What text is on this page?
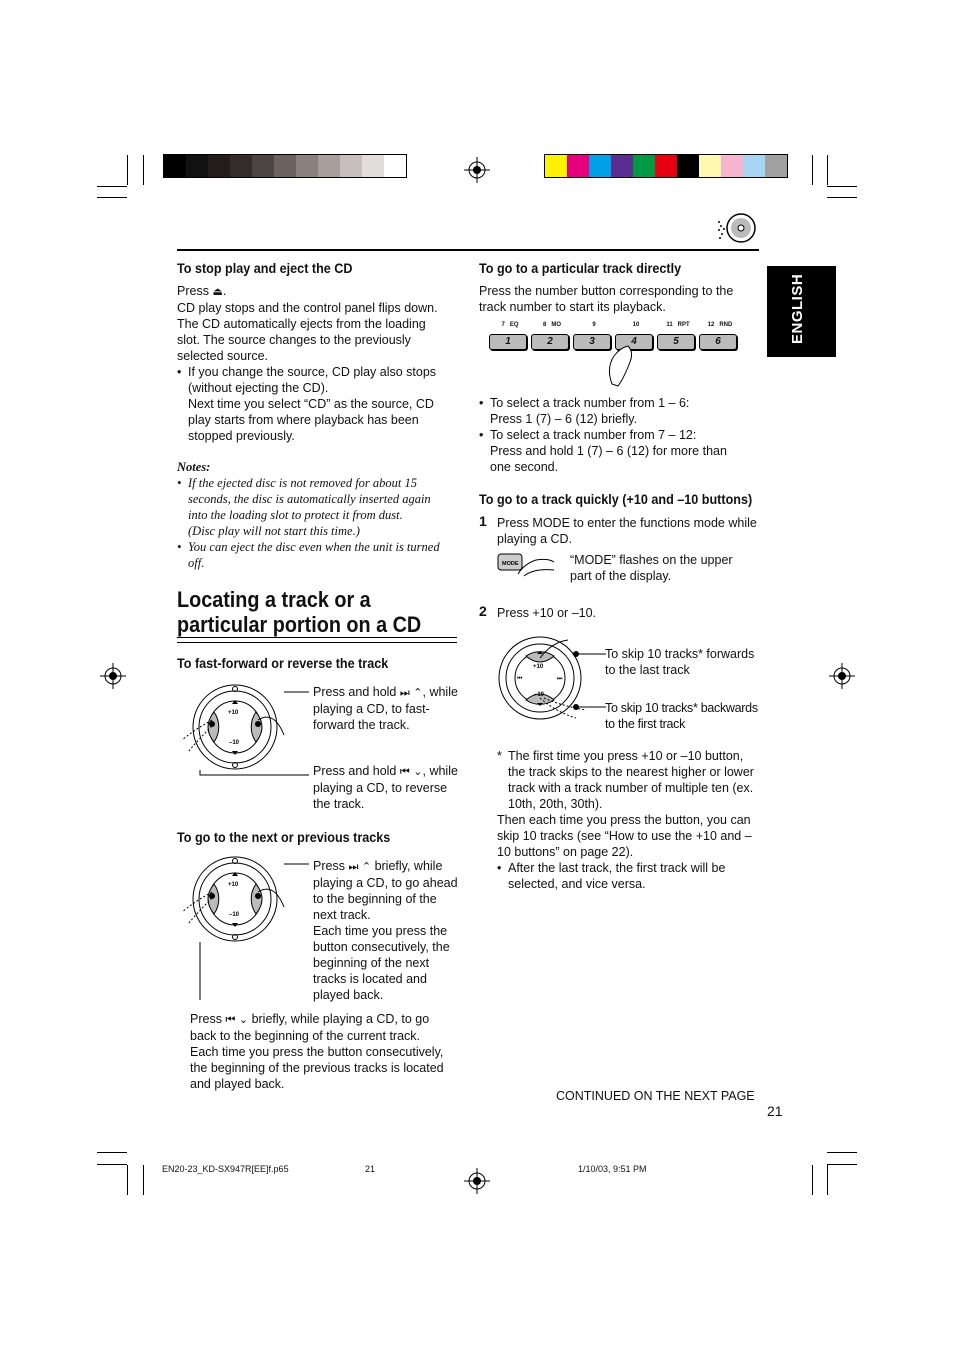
ENGLISH
To stop play and eject the CD
Press ⏏.
CD play stops and the control panel flips down. The CD automatically ejects from the loading slot. The source changes to the previously selected source.
• If you change the source, CD play also stops (without ejecting the CD).
Next time you select “CD” as the source, CD play starts from where playback has been stopped previously.
Notes:
• If the ejected disc is not removed for about 15 seconds, the disc is automatically inserted again into the loading slot to protect it from dust.
(Disc play will not start this time.)
• You can eject the disc even when the unit is turned off.
Locating a track or a
particular portion on a CD
To fast-forward or reverse the track
+10
–10
Press and hold ⏭ ⌃, while playing a CD, to fast-forward the track.
Press and hold ⏮ ⌄, while playing a CD, to reverse the track.
To go to the next or previous tracks
+10
–10
Press ⏭ ⌃ briefly, while playing a CD, to go ahead to the beginning of the next track.
Each time you press the button consecutively, the beginning of the next tracks is located and played back.
Press ⏮ ⌄ briefly, while playing a CD, to go back to the beginning of the current track.
Each time you press the button consecutively, the beginning of the previous tracks is located and played back.
To go to a particular track directly
Press the number button corresponding to the track number to start its playback.
7   EQ	8   MO	9	10	11   RPT	12   RND
1	2	3	4	5	6
• To select a track number from 1 – 6:
Press 1 (7) – 6 (12) briefly.
• To select a track number from 7 – 12:
Press and hold 1 (7) – 6 (12) for more than one second.
To go to a track quickly (+10 and –10 buttons)
1 Press MODE to enter the functions mode while playing a CD.
MODE	“MODE” flashes on the upper part of the display.
2 Press +10 or –10.
+10
–10
⏮	⏭
To skip 10 tracks* forwards to the last track
To skip 10 tracks* backwards to the first track
* The first time you press +10 or –10 button, the track skips to the nearest higher or lower track with a track number of multiple ten (ex. 10th, 20th, 30th).
Then each time you press the button, you can skip 10 tracks (see “How to use the +10 and –10 buttons” on page 22).
• After the last track, the first track will be selected, and vice versa.
CONTINUED ON THE NEXT PAGE
21
EN20-23_KD-SX947R[EE]f.p65	21	1/10/03, 9:51 PM
